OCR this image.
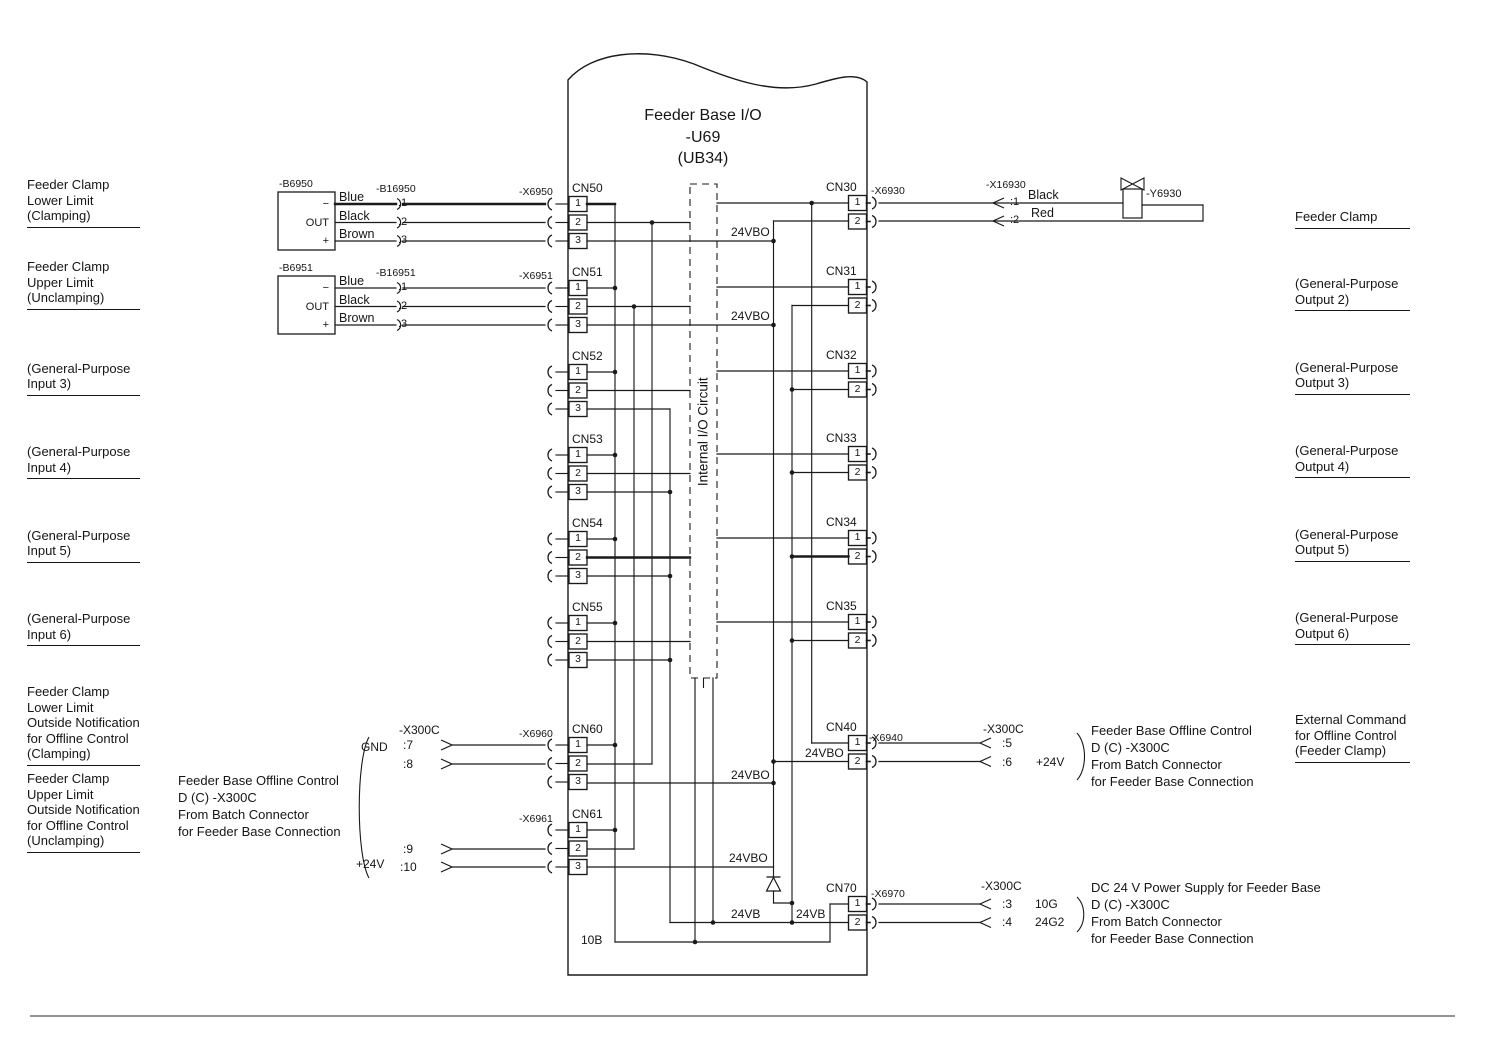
Feeder Base I/O
-U69
(UB34)
Internal I/O Circuit
24VBO
24VBO
24VBO
24VBO
24VBO
24VB	24VB
10B
-X16930
:1
:2
Black
Red
-Y6930
-X300C
GND
+24V
:7
:8
:9
:10
-X300C
:5
:6 +24V
-X300C
:3 10G
:4 24G2
Feeder Base Offline Control
D (C) -X300C
From Batch Connector
for Feeder Base Connection
Feeder Base Offline Control
D (C) -X300C
From Batch Connector
for Feeder Base Connection
DC 24 V Power Supply for Feeder Base
D (C) -X300C
From Batch Connector
for Feeder Base Connection
CN50
1
2
3
CN51
1
2
3
CN52
1
2
3
CN53
1
2
3
CN54
1
2
3
CN55
1
2
3
CN60
-X6960
1
2
3
CN61
-X6961
1
2
3
CN30 -X6930
1
2
CN31
1
2
CN32
1
2
CN33
1
2
CN34
1
2
CN35
1
2
CN40
-X6940
1
2
CN70 -X6970
1
2
-B6950	-B16950	-X6950
− Blue	:1
OUT Black	:2
+ Brown :3
-B6951	-B16951	-X6951
− Blue	:1
OUT Black	:2
+ Brown :3
Feeder Clamp
Lower Limit
(Clamping)
Feeder Clamp
Upper Limit
(Unclamping)
(General-Purpose
Input 3)
(General-Purpose
Input 4)
(General-Purpose
Input 5)
(General-Purpose
Input 6)
Feeder Clamp
Lower Limit
Outside Notification
for Offline Control
(Clamping)
Feeder Clamp
Upper Limit
Outside Notification
for Offline Control
(Unclamping)
Feeder Clamp
(General-Purpose
Output 2)
(General-Purpose
Output 3)
(General-Purpose
Output 4)
(General-Purpose
Output 5)
(General-Purpose
Output 6)
External Command
for Offline Control
(Feeder Clamp)
